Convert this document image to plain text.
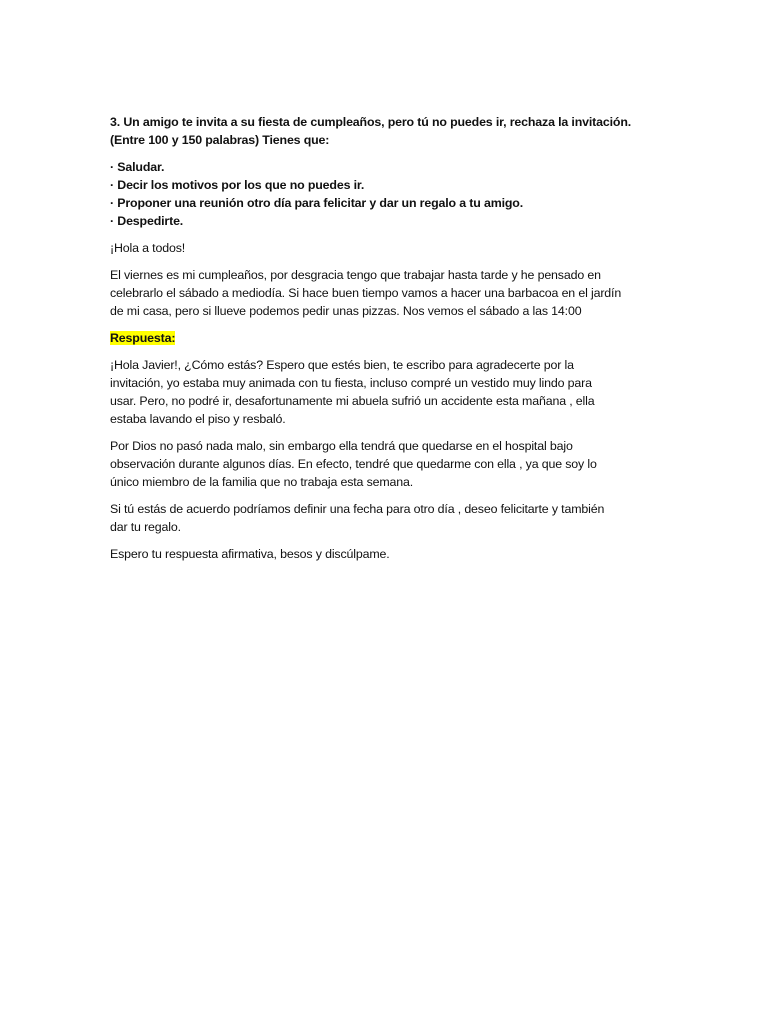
3. Un amigo te invita a su fiesta de cumpleaños, pero tú no puedes ir, rechaza la invitación.
(Entre 100 y 150 palabras) Tienes que:

· Saludar.
· Decir los motivos por los que no puedes ir.
· Proponer una reunión otro día para felicitar y dar un regalo a tu amigo.
· Despedirte.

¡Hola a todos!

El viernes es mi cumpleaños, por desgracia tengo que trabajar hasta tarde y he pensado en
celebrarlo el sábado a mediodía. Si hace buen tiempo vamos a hacer una barbacoa en el jardín
de mi casa, pero si llueve podemos pedir unas pizzas. Nos vemos el sábado a las 14:00

Respuesta:

¡Hola Javier!, ¿Cómo estás? Espero que estés bien, te escribo para agradecerte por la
invitación, yo estaba muy animada con tu fiesta, incluso compré un vestido muy lindo para
usar. Pero, no podré ir, desafortunamente mi abuela sufrió un accidente esta mañana , ella
estaba lavando el piso y resbaló.

Por Dios no pasó nada malo, sin embargo ella tendrá que quedarse en el hospital bajo
observación durante algunos días. En efecto, tendré que quedarme con ella , ya que soy lo
único miembro de la familia que no trabaja esta semana.

Si tú estás de acuerdo podríamos definir una fecha para otro día , deseo felicitarte y también
dar tu regalo.

Espero tu respuesta afirmativa, besos y discúlpame.
